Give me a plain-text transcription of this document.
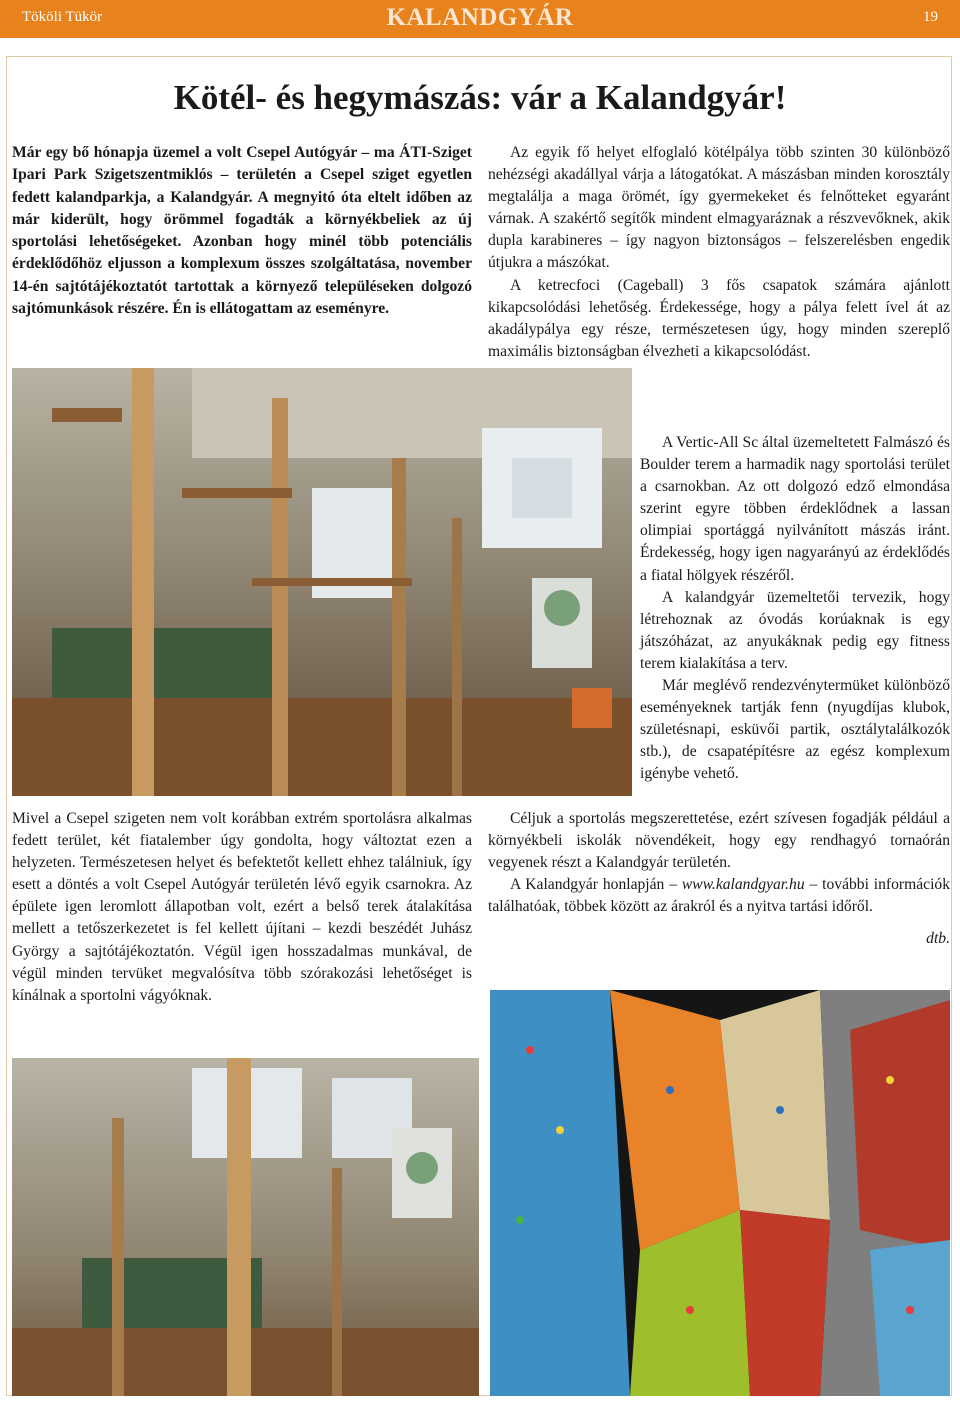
Tököli Tükör	KALANDGYÁR	19
Kötél- és hegymászás: vár a Kalandgyár!

Már egy bő hónapja üzemel a volt Csepel Autógyár – ma ÁTI-Sziget Ipari Park Szigetszentmiklós – területén a Csepel sziget egyetlen fedett kalandparkja, a Kalandgyár. A megnyitó óta eltelt időben az már kiderült, hogy örömmel fogadták a környékbeliek az új sportolási lehetőségeket. Azonban hogy minél több potenciális érdeklődőhöz eljusson a komplexum összes szolgáltatása, november 14-én sajtótájékoztatót tartottak a környező településeken dolgozó sajtómunkások részére. Én is ellátogattam az eseményre.

Mivel a Csepel szigeten nem volt korábban extrém sportolásra alkalmas fedett terület, két fiatalember úgy gondolta, hogy változtat ezen a helyzeten. Természetesen helyet és befektetőt kellett ehhez találniuk, így esett a döntés a volt Csepel Autógyár területén lévő egyik csarnokra. Az épülete igen leromlott állapotban volt, ezért a belső terek átalakítása mellett a tetőszerkezetet is fel kellett újítani – kezdi beszédét Juhász György a sajtótájékoztatón. Végül igen hosszadalmas munkával, de végül minden tervüket megvalósítva több szórakozási lehetőséget is kínálnak a sportolni vágyóknak.

Az egyik fő helyet elfoglaló kötélpálya több szinten 30 különböző nehézségi akadállyal várja a látogatókat. A mászásban minden korosztály megtalálja a maga örömét, így gyermekeket és felnőtteket egyaránt várnak. A szakértő segítők mindent elmagyaráznak a részvevőknek, akik dupla karabineres – így nagyon biztonságos – felszerelésben engedik útjukra a mászókat.

A ketrecfoci (Cageball) 3 fős csapatok számára ajánlott kikapcsolódási lehetőség. Érdekessége, hogy a pálya felett ível át az akadálypálya egy része, természetesen úgy, hogy minden szereplő maximális biztonságban élvezheti a kikapcsolódást.

A Vertic-All Sc által üzemeltetett Falmászó és Boulder terem a harmadik nagy sportolási terület a csarnokban. Az ott dolgozó edző elmondása szerint egyre többen érdeklődnek a lassan olimpiai sportággá nyilvánított mászás iránt. Érdekesség, hogy igen nagyarányú az érdeklődés a fiatal hölgyek részéről.

A kalandgyár üzemeltetői tervezik, hogy létrehoznak az óvodás korúaknak is egy játszóházat, az anyukáknak pedig egy fitness terem kialakítása a terv.

Már meglévő rendezvénytermüket különböző eseményeknek tartják fenn (nyugdíjas klubok, születésnapi, esküvői partik, osztálytalálkozók stb.), de csapatépítésre az egész komplexum igénybe vehető.

Céljuk a sportolás megszerettetése, ezért szívesen fogadják például a környékbeli iskolák növendékeit, hogy egy rendhagyó tornaórán vegyenek részt a Kalandgyár területén.

A Kalandgyár honlapján – www.kalandgyar.hu – további információk találhatóak, többek között az árakról és a nyitva tartási időről.

dtb.
